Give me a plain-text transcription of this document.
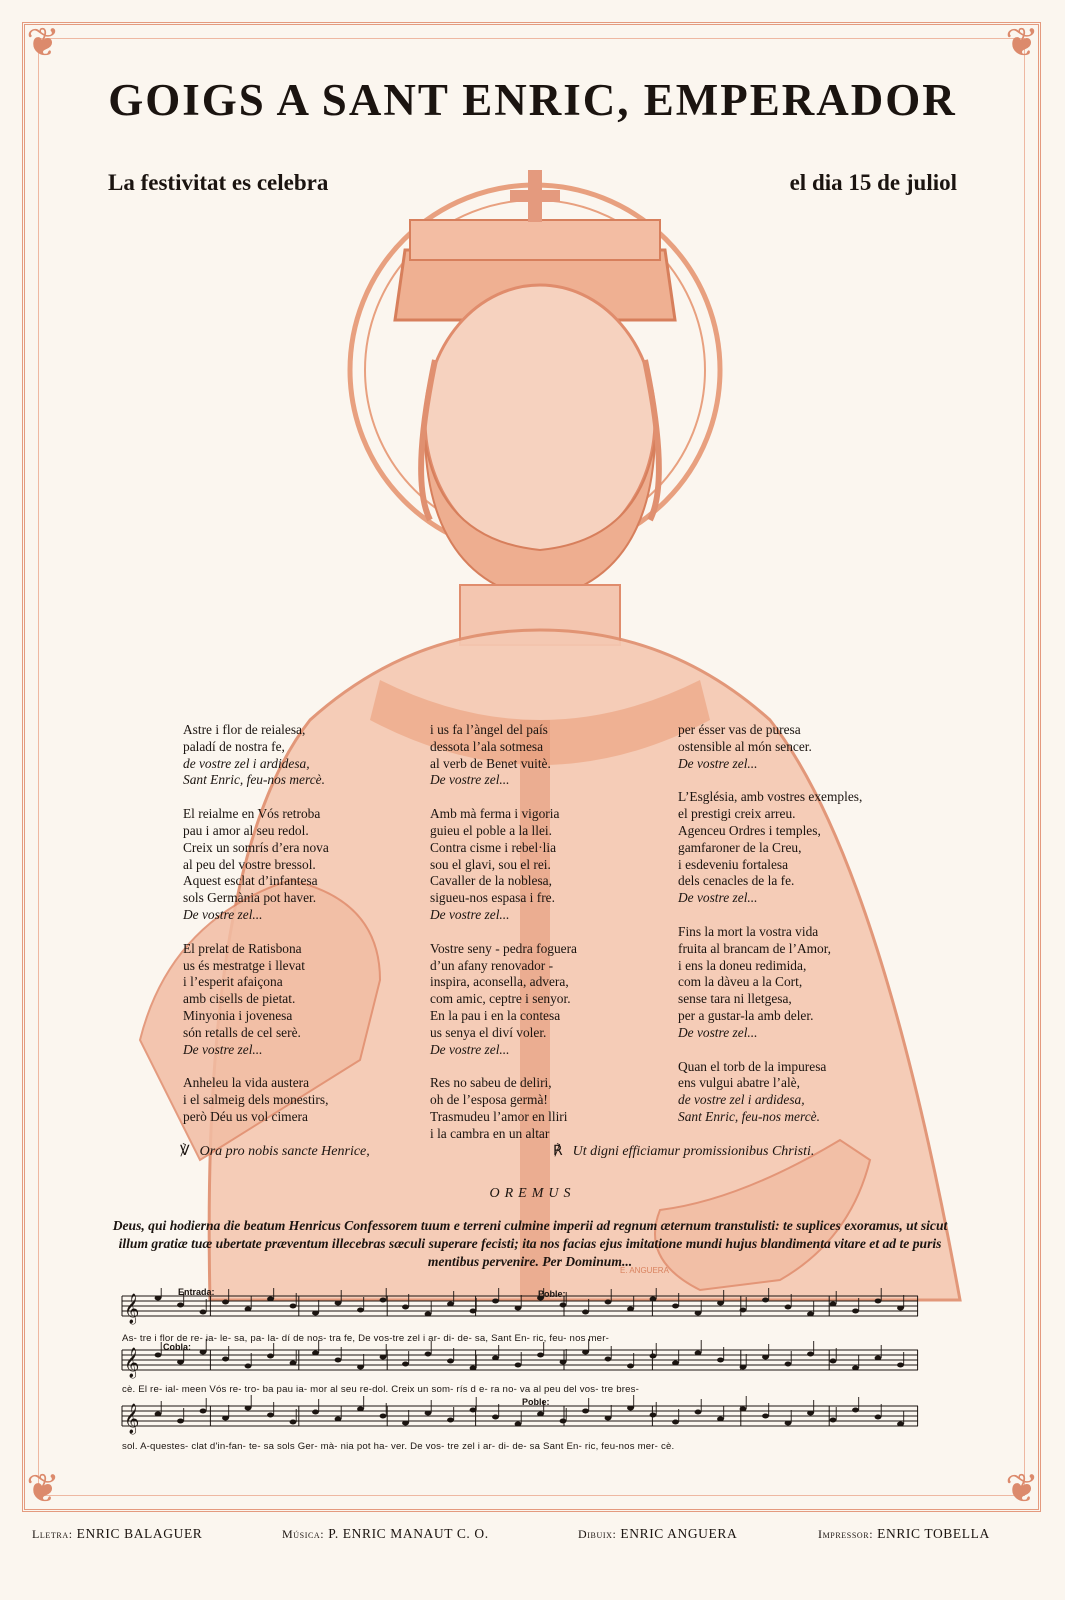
❦	❦
❦	❦
GOIGS A SANT ENRIC, EMPERADOR
La festivitat es celebra	el dia 15 de juliol
Astre i flor de reialesa,
paladí de nostra fe,
de vostre zel i ardidesa,
Sant Enric, feu-nos mercè.
El reialme en Vós retroba
pau i amor al seu redol.
Creix un somrís d’era nova
al peu del vostre bressol.
Aquest esclat d’infantesa
sols Germània pot haver.
De vostre zel...
El prelat de Ratisbona
us és mestratge i llevat
i l’esperit afaiçona
amb cisells de pietat.
Minyonia i jovenesa
són retalls de cel serè.
De vostre zel...
Anheleu la vida austera
i el salmeig dels monestirs,
però Déu us vol cimera
i us fa l’àngel del país
dessota l’ala sotmesa
al verb de Benet vuitè.
De vostre zel...
Amb mà ferma i vigoria
guieu el poble a la llei.
Contra cisme i rebel·lia
sou el glavi, sou el rei.
Cavaller de la noblesa,
sigueu-nos espasa i fre.
De vostre zel...
Vostre seny - pedra foguera
d’un afany renovador -
inspira, aconsella, advera,
com amic, ceptre i senyor.
En la pau i en la contesa
us senya el diví voler.
De vostre zel...
Res no sabeu de deliri,
oh de l’esposa germà!
Trasmudeu l’amor en lliri
i la cambra en un altar
per ésser vas de puresa
ostensible al món sencer.
De vostre zel...
L’Església, amb vostres exemples,
el prestigi creix arreu.
Agenceu Ordres i temples,
gamfaroner de la Creu,
i esdeveniu fortalesa
dels cenacles de la fe.
De vostre zel...
Fins la mort la vostra vida
fruita al brancam de l’Amor,
i ens la doneu redimida,
com la dàveu a la Cort,
sense tara ni lletgesa,
per a gustar-la amb deler.
De vostre zel...
Quan el torb de la impuresa
ens vulgui abatre l’alè,
de vostre zel i ardidesa,
Sant Enric, feu-nos mercè.
℣ Ora pro nobis sancte Henrice,	℟ Ut digni efficiamur promissionibus Christi.
OREMUS
Deus, qui hodierna die beatum Henricus Confessorem tuum e terreni culmine imperii ad regnum æternum transtulisti: te suplices exoramus, ut sicut illum gratiæ tuæ ubertate præventum illecebras sæculi superare fecisti; ita nos facias ejus imitatione mundi hujus blandimenta vitare et ad te puris mentibus pervenire. Per Dominum...
E. ANGUERA
𝄞
𝄞
𝄞
Entrada:	Poble:
Cobla:
Poble:
As- tre i flor de re- ia- le- sa, pa- la- dí de nos- tra fe, De vos-tre zel i ar- di- de- sa, Sant En- ric, feu- nos mer-
cè. El re- ial- meen Vós re- tro- ba pau ia- mor al seu re-dol. Creix un som- rís d e- ra no- va al peu del vos- tre bres-
sol. A-questes- clat d'in-fan- te- sa sols Ger- mà- nia pot ha- ver. De vos- tre zel i ar- di- de- sa Sant En- ric, feu-nos mer- cè.
Lletra: ENRIC BALAGUER	Música: P. ENRIC MANAUT C. O.	Dibuix: ENRIC ANGUERA	Impressor: ENRIC TOBELLA
